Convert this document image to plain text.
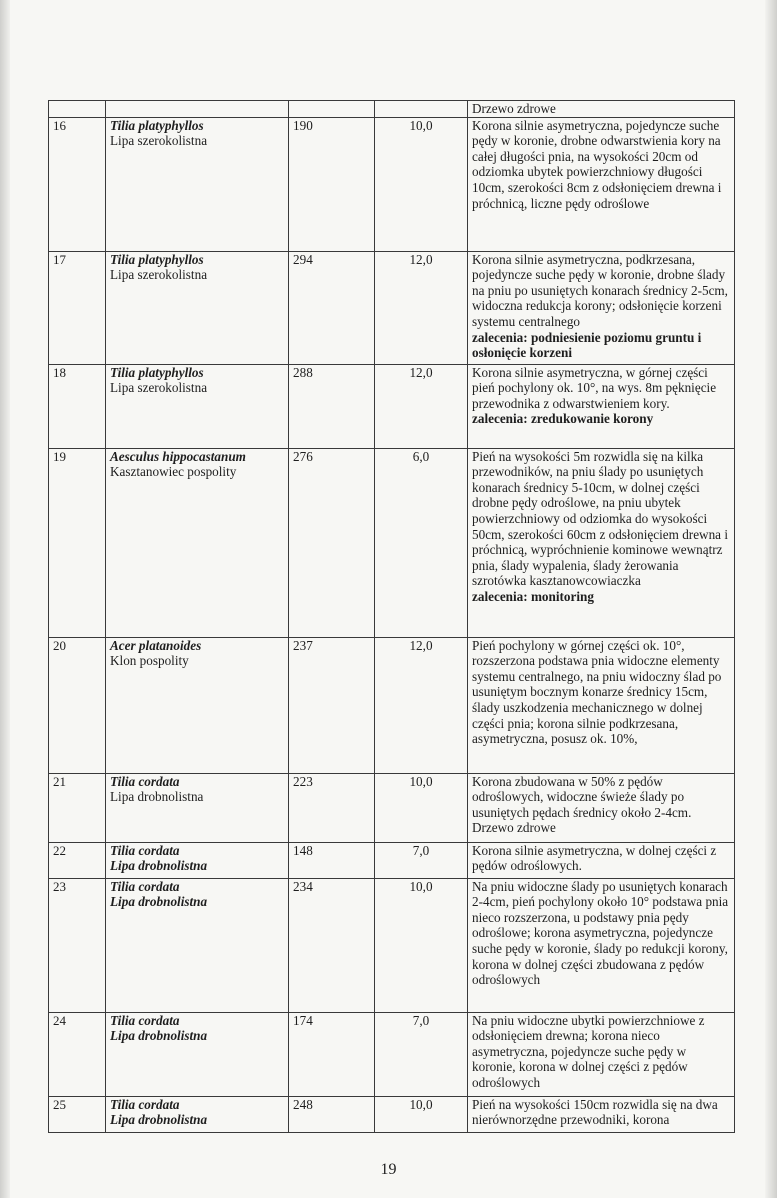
				Drzewo zdrowe
16	Tilia platyphyllos
Lipa szerokolistna	190	10,0	Korona silnie asymetryczna, pojedyncze suche pędy w koronie, drobne odwarstwienia kory na całej długości pnia, na wysokości 20cm od odziomka ubytek powierzchniowy długości 10cm, szerokości 8cm z odsłonięciem drewna i próchnicą, liczne pędy odroślowe
17	Tilia platyphyllos
Lipa szerokolistna	294	12,0	Korona silnie asymetryczna, podkrzesana, pojedyncze suche pędy w koronie, drobne ślady na pniu po usuniętych konarach średnicy 2-5cm, widoczna redukcja korony; odsłonięcie korzeni systemu centralnego
zalecenia: podniesienie poziomu gruntu i osłonięcie korzeni

18	Tilia platyphyllos
Lipa szerokolistna	288	12,0	Korona silnie asymetryczna, w górnej części pień pochylony ok. 10°, na wys. 8m pęknięcie przewodnika z odwarstwieniem kory.
zalecenia: zredukowanie korony

19	Aesculus hippocastanum
Kasztanowiec pospolity	276	6,0	Pień na wysokości 5m rozwidla się na kilka przewodników, na pniu ślady po usuniętych konarach średnicy 5-10cm, w dolnej części drobne pędy odroślowe, na pniu ubytek powierzchniowy od odziomka do wysokości 50cm, szerokości 60cm z odsłonięciem drewna i próchnicą, wypróchnienie kominowe wewnątrz pnia, ślady wypalenia, ślady żerowania szrotówka kasztanowcowiaczka
zalecenia: monitoring

20	Acer platanoides
Klon pospolity	237	12,0	Pień pochylony w górnej części ok. 10°, rozszerzona podstawa pnia widoczne elementy systemu centralnego, na pniu widoczny ślad po usuniętym bocznym konarze średnicy 15cm, ślady uszkodzenia mechanicznego w dolnej części pnia; korona silnie podkrzesana, asymetryczna, posusz ok. 10%,
21	Tilia cordata
Lipa drobnolistna	223	10,0	Korona zbudowana w 50% z pędów odroślowych, widoczne świeże ślady po usuniętych pędach średnicy około 2-4cm. Drzewo zdrowe
22	Tilia cordata
Lipa drobnolistna	148	7,0	Korona silnie asymetryczna, w dolnej części z pędów odroślowych.
23	Tilia cordata
Lipa drobnolistna	234	10,0	Na pniu widoczne ślady po usuniętych konarach 2-4cm, pień pochylony około 10° podstawa pnia nieco rozszerzona, u podstawy pnia pędy odroślowe; korona asymetryczna, pojedyncze suche pędy w koronie, ślady po redukcji korony, korona w dolnej części zbudowana z pędów odroślowych
24	Tilia cordata
Lipa drobnolistna	174	7,0	Na pniu widoczne ubytki powierzchniowe z odsłonięciem drewna; korona nieco asymetryczna, pojedyncze suche pędy w koronie, korona w dolnej części z pędów odroślowych
25	Tilia cordata
Lipa drobnolistna	248	10,0	Pień na wysokości 150cm rozwidla się na dwa nierównorzędne przewodniki, korona
19
